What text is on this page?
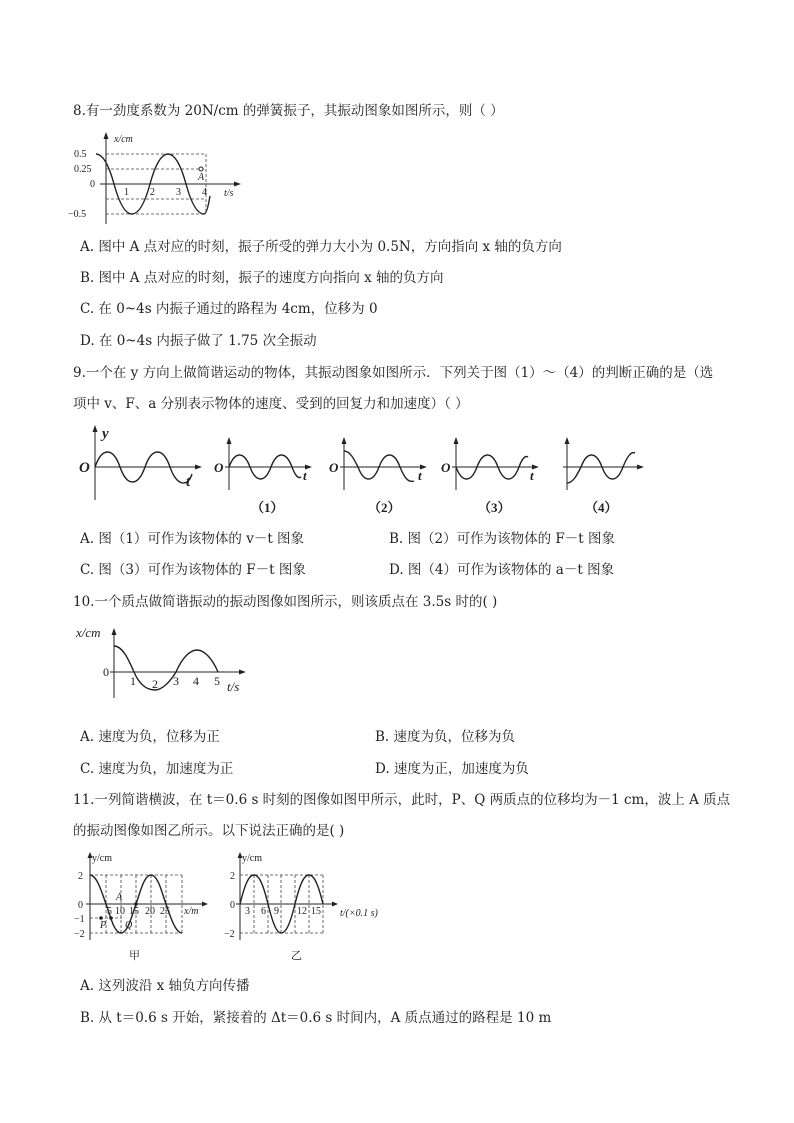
8.有一劲度系数为 20N/cm 的弹簧振子，其振动图象如图所示，则（ ）
x/cm
0.5
0.25
0
−0.5
1 2 3 4
A
t/s
A. 图中 A 点对应的时刻，振子所受的弹力大小为 0.5N，方向指向 x 轴的负方向
B. 图中 A 点对应的时刻，振子的速度方向指向 x 轴的负方向
C. 在 0~4s 内振子通过的路程为 4cm，位移为 0
D. 在 0~4s 内振子做了 1.75 次全振动
9.一个在 y 方向上做简谐运动的物体，其振动图象如图所示．下列关于图（1）～（4）的判断正确的是（选
项中 v、F、a 分别表示物体的速度、受到的回复力和加速度）（ ）
y
O
t
O
t
（1）
O
t
（2）
O
t
（3）	（4）
A. 图（1）可作为该物体的 v－t 图象	B. 图（2）可作为该物体的 F－t 图象
C. 图（3）可作为该物体的 F－t 图象	D. 图（4）可作为该物体的 a－t 图象
10.一个质点做简谐振动的振动图像如图所示，则该质点在 3.5s 时的( )
x/cm
0
1 2 3 4 5 t/s
A. 速度为负，位移为正	B. 速度为负，位移为负
C. 速度为负，加速度为正	D. 速度为正，加速度为负
11.一列简谐横波，在 t＝0.6 s 时刻的图像如图甲所示，此时，P、Q 两质点的位移均为－1 cm，波上 A 质点
的振动图像如图乙所示。以下说法正确的是( )
y/cm
2
0
−1
−2
5 10 15 20 25 x/m
A
P Q
甲
y/cm
2
0
−2
3 6 9 12 15 t/(×0.1 s)
乙
A. 这列波沿 x 轴负方向传播
B. 从 t＝0.6 s 开始，紧接着的 Δt＝0.6 s 时间内，A 质点通过的路程是 10 m
